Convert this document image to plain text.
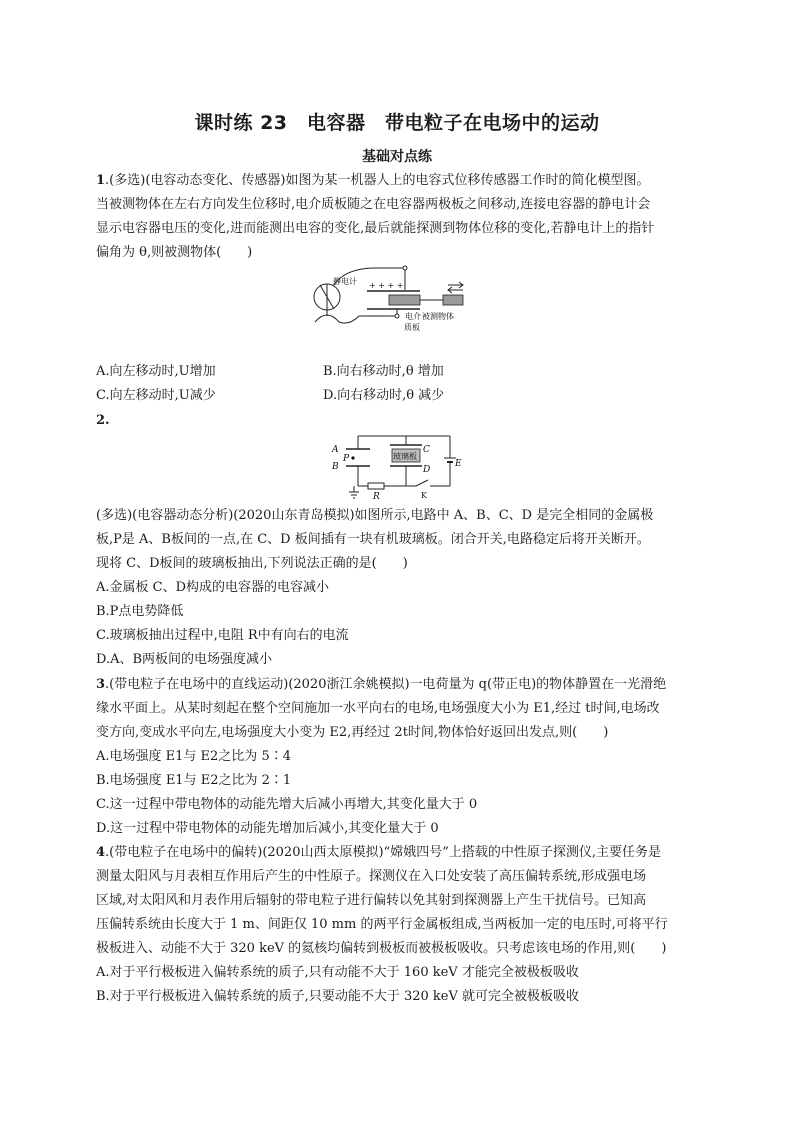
课时练 23　电容器　带电粒子在电场中的运动
基础对点练
1.(多选)(电容动态变化、传感器)如图为某一机器人上的电容式位移传感器工作时的简化模型图。
当被测物体在左右方向发生位移时,电介质板随之在电容器两极板之间移动,连接电容器的静电计会
显示电容器电压的变化,进而能测出电容的变化,最后就能探测到物体位移的变化,若静电计上的指针
偏角为 θ,则被测物体(　　)
静电计 + + + +
— — 电介
质板
被测物体
A.向左移动时,U增加	B.向右移动时,θ 增加
C.向左移动时,U减少	D.向右移动时,θ 减少
2.
A
B
P
C
D
E
R	K
玻璃板
(多选)(电容器动态分析)(2020山东青岛模拟)如图所示,电路中 A、B、C、D 是完全相同的金属极
板,P是 A、B板间的一点,在 C、D 板间插有一块有机玻璃板。闭合开关,电路稳定后将开关断开。
现将 C、D板间的玻璃板抽出,下列说法正确的是(　　)
A.金属板 C、D构成的电容器的电容减小
B.P点电势降低
C.玻璃板抽出过程中,电阻 R中有向右的电流
D.A、B两板间的电场强度减小
3.(带电粒子在电场中的直线运动)(2020浙江余姚模拟)一电荷量为 q(带正电)的物体静置在一光滑绝
缘水平面上。从某时刻起在整个空间施加一水平向右的电场,电场强度大小为 E1,经过 t时间,电场改
变方向,变成水平向左,电场强度大小变为 E2,再经过 2t时间,物体恰好返回出发点,则(　　)
A.电场强度 E1与 E2之比为 5∶4
B.电场强度 E1与 E2之比为 2∶1
C.这一过程中带电物体的动能先增大后减小再增大,其变化量大于 0
D.这一过程中带电物体的动能先增加后减小,其变化量大于 0
4.(带电粒子在电场中的偏转)(2020山西太原模拟)“嫦娥四号”上搭载的中性原子探测仪,主要任务是
测量太阳风与月表相互作用后产生的中性原子。探测仪在入口处安装了高压偏转系统,形成强电场
区域,对太阳风和月表作用后辐射的带电粒子进行偏转以免其射到探测器上产生干扰信号。已知高
压偏转系统由长度大于 1 m、间距仅 10 mm 的两平行金属板组成,当两板加一定的电压时,可将平行
极板进入、动能不大于 320 keV 的氦核均偏转到极板而被极板吸收。只考虑该电场的作用,则(　　)
A.对于平行极板进入偏转系统的质子,只有动能不大于 160 keV 才能完全被极板吸收
B.对于平行极板进入偏转系统的质子,只要动能不大于 320 keV 就可完全被极板吸收
